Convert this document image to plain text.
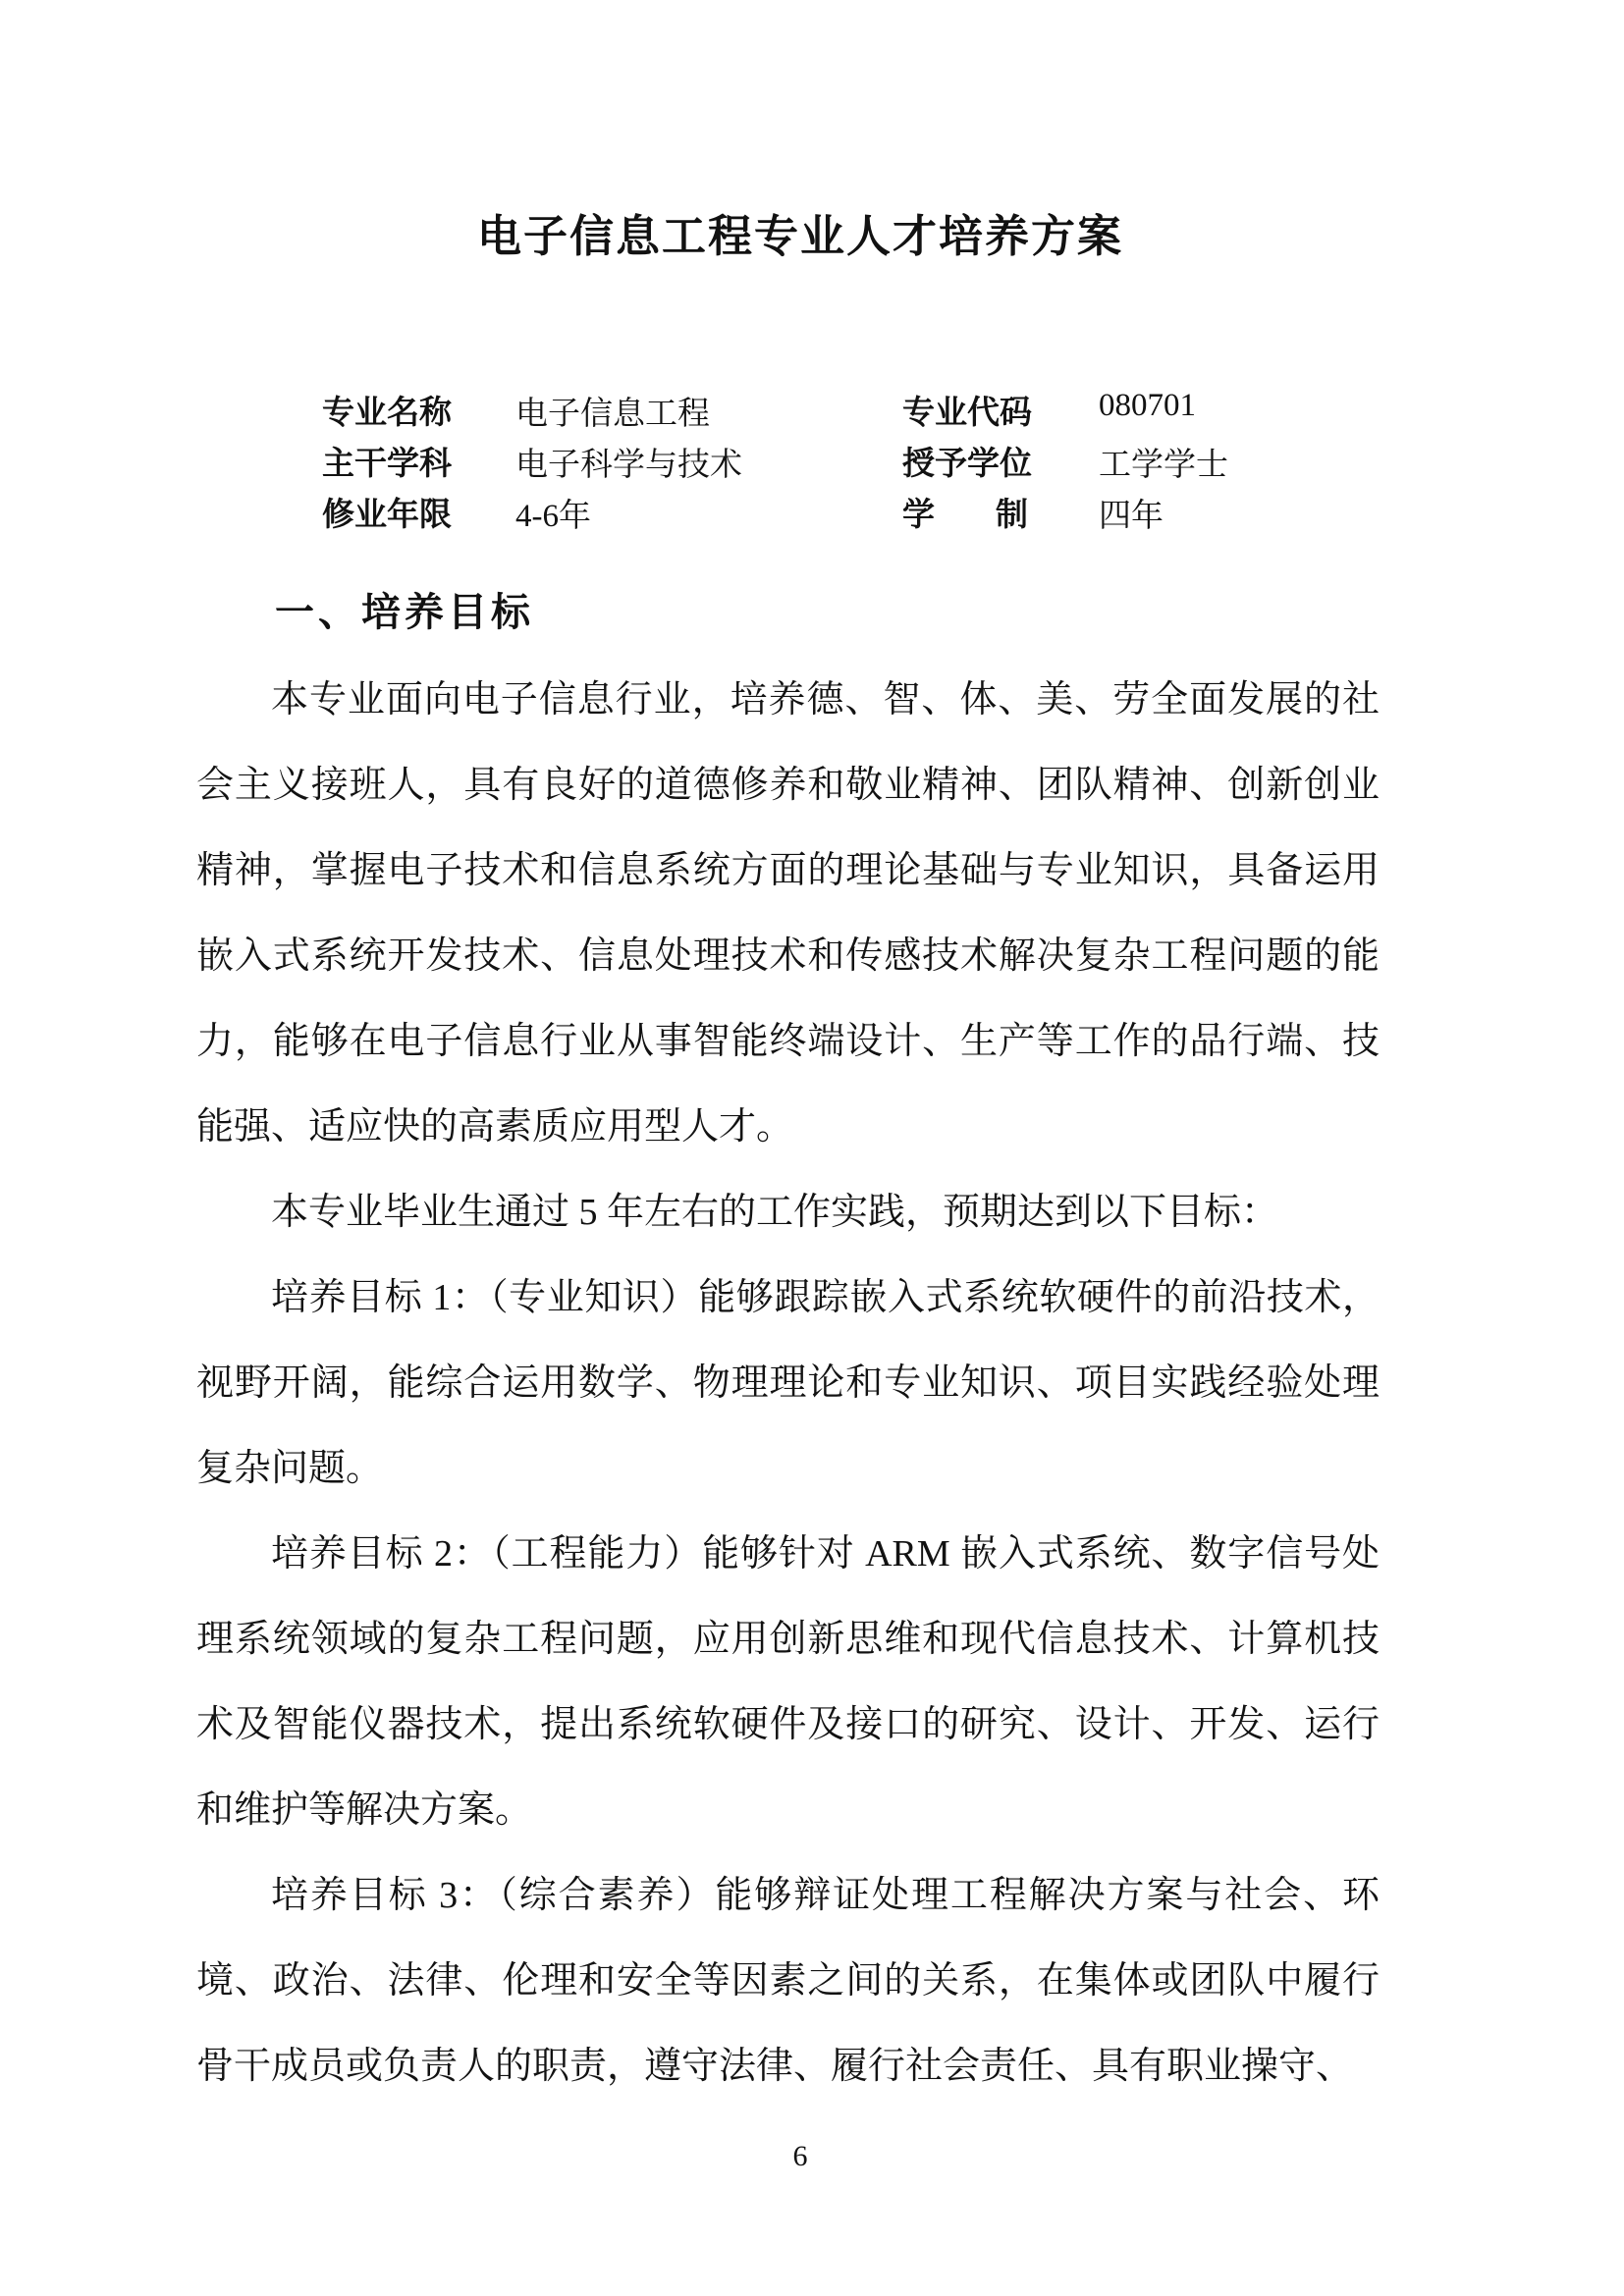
电子信息工程专业人才培养方案
专业名称 电子信息工程	专业代码 080701
主干学科 电子科学与技术	授予学位 工学学士
修业年限 4-6年	学制 四年
一、培养目标

本专业面向电子信息行业，培养德、智、体、美、劳全面发展的社会主义接班人，具有良好的道德修养和敬业精神、团队精神、创新创业精神，掌握电子技术和信息系统方面的理论基础与专业知识，具备运用嵌入式系统开发技术、信息处理技术和传感技术解决复杂工程问题的能力，能够在电子信息行业从事智能终端设计、生产等工作的品行端、技能强、适应快的高素质应用型人才。

本专业毕业生通过 5 年左右的工作实践，预期达到以下目标：

培养目标 1：（专业知识）能够跟踪嵌入式系统软硬件的前沿技术，视野开阔，能综合运用数学、物理理论和专业知识、项目实践经验处理复杂问题。

培养目标 2：（工程能力）能够针对 ARM 嵌入式系统、数字信号处理系统领域的复杂工程问题，应用创新思维和现代信息技术、计算机技术及智能仪器技术，提出系统软硬件及接口的研究、设计、开发、运行和维护等解决方案。

培养目标 3：（综合素养）能够辩证处理工程解决方案与社会、环境、政治、法律、伦理和安全等因素之间的关系，在集体或团队中履行骨干成员或负责人的职责，遵守法律、履行社会责任、具有职业操守、

6
